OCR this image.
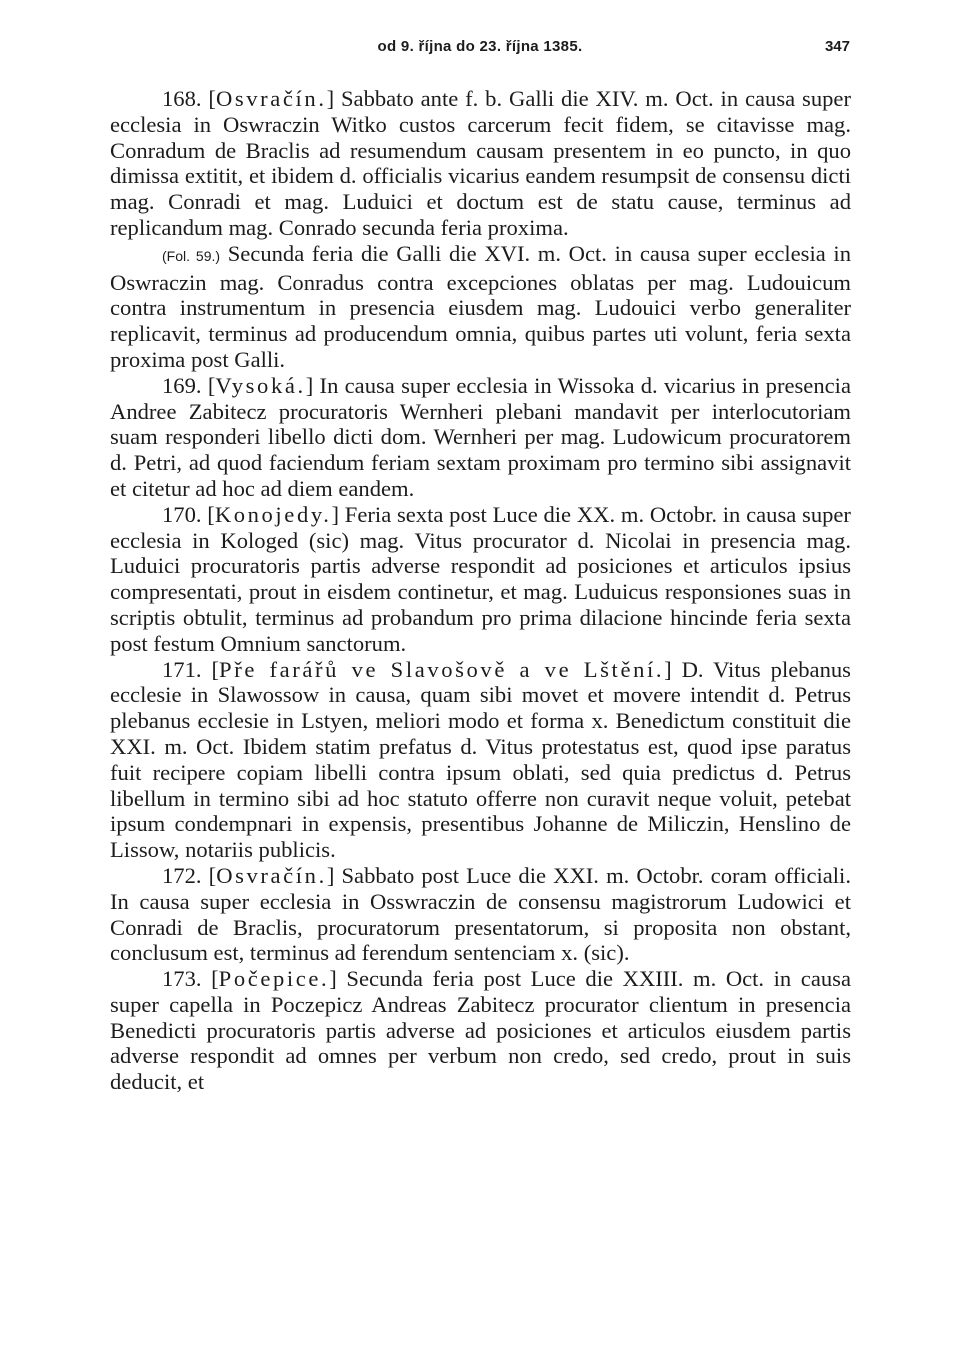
od 9. října do 23. října 1385.	347

168. [Osvračín.] Sabbato ante f. b. Galli die XIV. m. Oct. in causa super ecclesia in Oswraczin Witko custos carcerum fecit fidem, se citavisse mag. Conradum de Braclis ad resumendum causam presentem in eo puncto, in quo dimissa extitit, et ibidem d. officialis vicarius eandem resumpsit de consensu dicti mag. Conradi et mag. Luduici et doctum est de statu cause, terminus ad replicandum mag. Conrado secunda feria proxima.

(Fol. 59.) Secunda feria die Galli die XVI. m. Oct. in causa super ecclesia in Oswraczin mag. Conradus contra excepciones oblatas per mag. Ludouicum contra instrumentum in presencia eiusdem mag. Ludouici verbo generaliter replicavit, terminus ad producendum omnia, quibus partes uti volunt, feria sexta proxima post Galli.

169. [Vysoká.] In causa super ecclesia in Wissoka d. vicarius in presencia Andree Zabitecz procuratoris Wernheri plebani mandavit per interlocutoriam suam responderi libello dicti dom. Wernheri per mag. Ludowicum procuratorem d. Petri, ad quod faciendum feriam sextam proximam pro termino sibi assignavit et citetur ad hoc ad diem eandem.

170. [Konojedy.] Feria sexta post Luce die XX. m. Octobr. in causa super ecclesia in Kologed (sic) mag. Vitus procurator d. Nicolai in presencia mag. Luduici procuratoris partis adverse respondit ad posiciones et articulos ipsius compresentati, prout in eisdem continetur, et mag. Luduicus responsiones suas in scriptis obtulit, terminus ad probandum pro prima dilacione hincinde feria sexta post festum Omnium sanctorum.

171. [Pře farářů ve Slavošově a ve Lštění.] D. Vitus plebanus ecclesie in Slawossow in causa, quam sibi movet et movere intendit d. Petrus plebanus ecclesie in Lstyen, meliori modo et forma x. Benedictum constituit die XXI. m. Oct. Ibidem statim prefatus d. Vitus protestatus est, quod ipse paratus fuit recipere copiam libelli contra ipsum oblati, sed quia predictus d. Petrus libellum in termino sibi ad hoc statuto offerre non curavit neque voluit, petebat ipsum condempnari in expensis, presentibus Johanne de Miliczin, Henslino de Lissow, notariis publicis.

172. [Osvračín.] Sabbato post Luce die XXI. m. Octobr. coram officiali. In causa super ecclesia in Osswraczin de consensu magistrorum Ludowici et Conradi de Braclis, procuratorum presentatorum, si proposita non obstant, conclusum est, terminus ad ferendum sentenciam x. (sic).

173. [Počepice.] Secunda feria post Luce die XXIII. m. Oct. in causa super capella in Poczepicz Andreas Zabitecz procurator clientum in presencia Benedicti procuratoris partis adverse ad posiciones et articulos eiusdem partis adverse respondit ad omnes per verbum non credo, sed credo, prout in suis deducit, et
